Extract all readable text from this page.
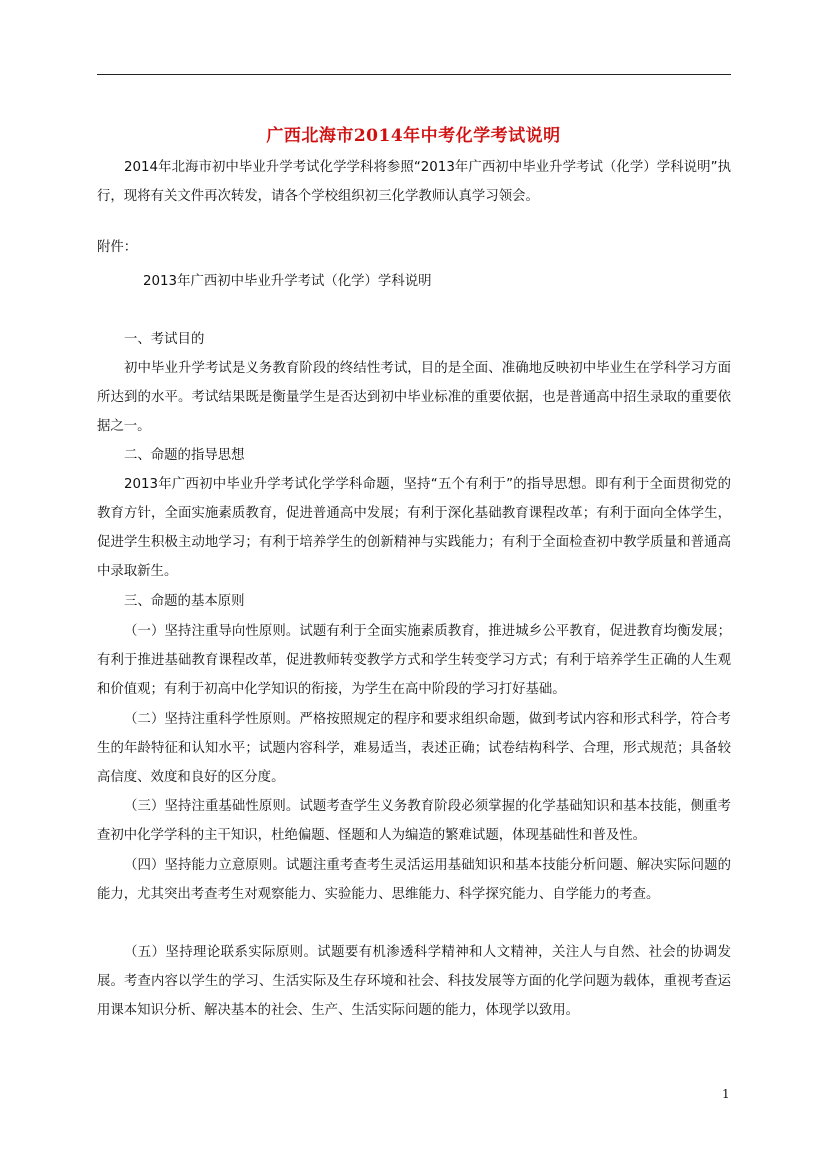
广西北海市2014年中考化学考试说明
2014年北海市初中毕业升学考试化学学科将参照“2013年广西初中毕业升学考试（化学）学科说明”执行，现将有关文件再次转发，请各个学校组织初三化学教师认真学习领会。
附件：
2013年广西初中毕业升学考试（化学）学科说明
一、考试目的
初中毕业升学考试是义务教育阶段的终结性考试，目的是全面、准确地反映初中毕业生在学科学习方面所达到的水平。考试结果既是衡量学生是否达到初中毕业标准的重要依据，也是普通高中招生录取的重要依据之一。
二、命题的指导思想
2013年广西初中毕业升学考试化学学科命题，坚持“五个有利于”的指导思想。即有利于全面贯彻党的教育方针，全面实施素质教育，促进普通高中发展；有利于深化基础教育课程改革；有利于面向全体学生，促进学生积极主动地学习；有利于培养学生的创新精神与实践能力；有利于全面检查初中教学质量和普通高中录取新生。
三、命题的基本原则
（一）坚持注重导向性原则。试题有利于全面实施素质教育，推进城乡公平教育，促进教育均衡发展；有利于推进基础教育课程改革，促进教师转变教学方式和学生转变学习方式；有利于培养学生正确的人生观和价值观；有利于初高中化学知识的衔接，为学生在高中阶段的学习打好基础。
（二）坚持注重科学性原则。严格按照规定的程序和要求组织命题，做到考试内容和形式科学，符合考生的年龄特征和认知水平；试题内容科学，难易适当，表述正确；试卷结构科学、合理，形式规范；具备较高信度、效度和良好的区分度。
（三）坚持注重基础性原则。试题考查学生义务教育阶段必须掌握的化学基础知识和基本技能，侧重考查初中化学学科的主干知识，杜绝偏题、怪题和人为编造的繁难试题，体现基础性和普及性。
（四）坚持能力立意原则。试题注重考查考生灵活运用基础知识和基本技能分析问题、解决实际问题的能力，尤其突出考查考生对观察能力、实验能力、思维能力、科学探究能力、自学能力的考查。
（五）坚持理论联系实际原则。试题要有机渗透科学精神和人文精神，关注人与自然、社会的协调发展。考查内容以学生的学习、生活实际及生存环境和社会、科技发展等方面的化学问题为载体，重视考查运用课本知识分析、解决基本的社会、生产、生活实际问题的能力，体现学以致用。
1
